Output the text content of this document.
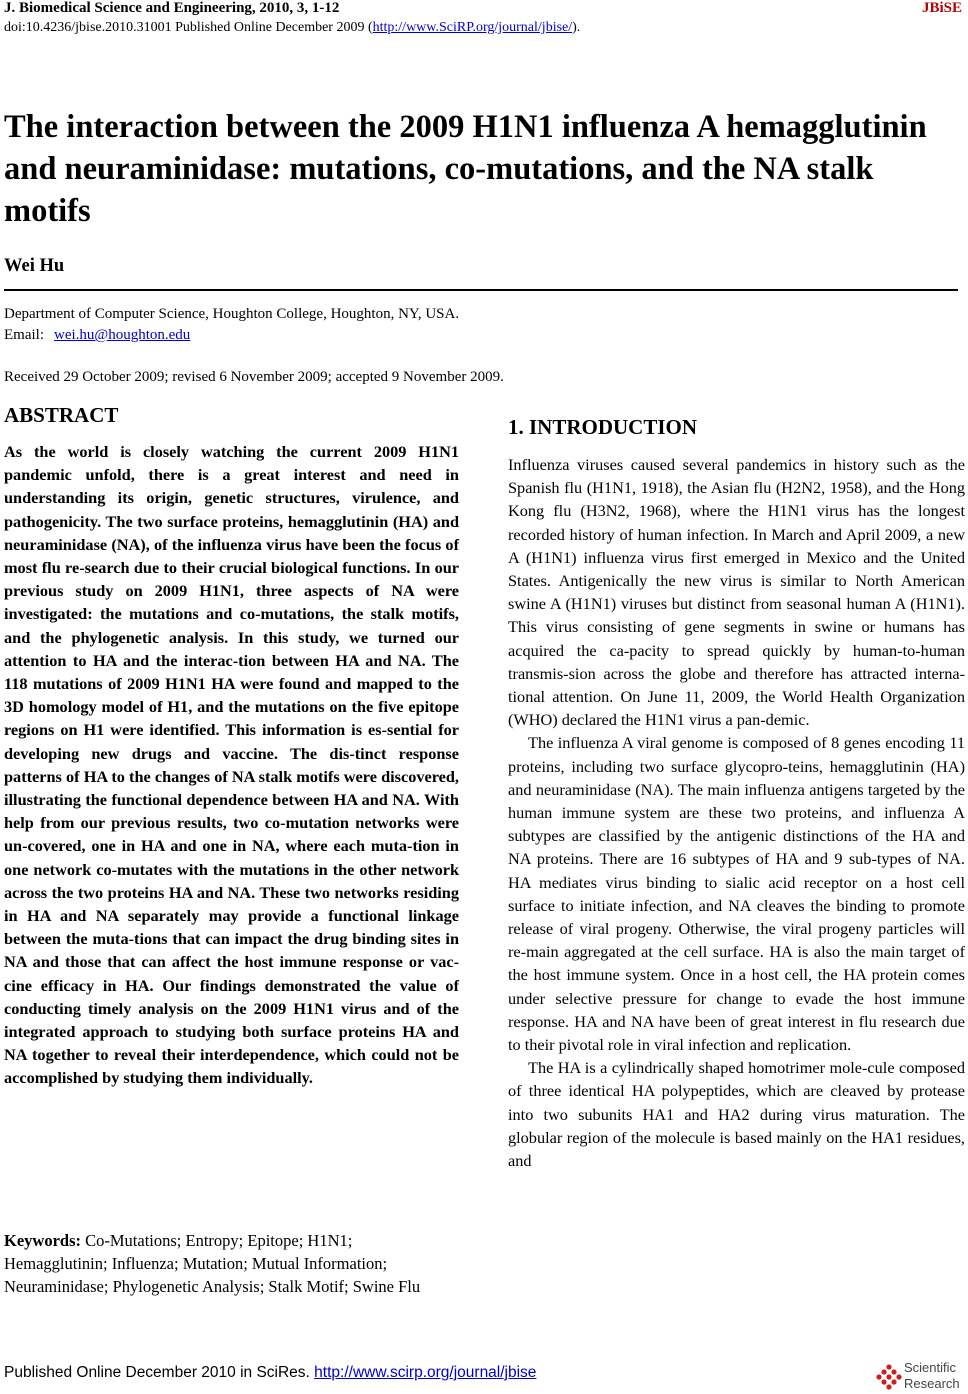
J. Biomedical Science and Engineering, 2010, 3, 1-12	JBiSE
doi:10.4236/jbise.2010.31001 Published Online December 2009 (http://www.SciRP.org/journal/jbise/).
The interaction between the 2009 H1N1 influenza A hemagglutinin and neuraminidase: mutations, co-mutations, and the NA stalk motifs
Wei Hu
Department of Computer Science, Houghton College, Houghton, NY, USA.
Email: wei.hu@houghton.edu
Received 29 October 2009; revised 6 November 2009; accepted 9 November 2009.
ABSTRACT
As the world is closely watching the current 2009 H1N1 pandemic unfold, there is a great interest and need in understanding its origin, genetic structures, virulence, and pathogenicity. The two surface proteins, hemagglutinin (HA) and neuraminidase (NA), of the influenza virus have been the focus of most flu re-search due to their crucial biological functions. In our previous study on 2009 H1N1, three aspects of NA were investigated: the mutations and co-mutations, the stalk motifs, and the phylogenetic analysis. In this study, we turned our attention to HA and the interac-tion between HA and NA. The 118 mutations of 2009 H1N1 HA were found and mapped to the 3D homology model of H1, and the mutations on the five epitope regions on H1 were identified. This information is es-sential for developing new drugs and vaccine. The dis-tinct response patterns of HA to the changes of NA stalk motifs were discovered, illustrating the functional dependence between HA and NA. With help from our previous results, two co-mutation networks were un-covered, one in HA and one in NA, where each muta-tion in one network co-mutates with the mutations in the other network across the two proteins HA and NA. These two networks residing in HA and NA separately may provide a functional linkage between the muta-tions that can impact the drug binding sites in NA and those that can affect the host immune response or vac-cine efficacy in HA. Our findings demonstrated the value of conducting timely analysis on the 2009 H1N1 virus and of the integrated approach to studying both surface proteins HA and NA together to reveal their interdependence, which could not be accomplished by studying them individually.
Keywords: Co-Mutations; Entropy; Epitope; H1N1; Hemagglutinin; Influenza; Mutation; Mutual Information; Neuraminidase; Phylogenetic Analysis; Stalk Motif; Swine Flu
1. INTRODUCTION

Influenza viruses caused several pandemics in history such as the Spanish flu (H1N1, 1918), the Asian flu (H2N2, 1958), and the Hong Kong flu (H3N2, 1968), where the H1N1 virus has the longest recorded history of human infection. In March and April 2009, a new A (H1N1) influenza virus first emerged in Mexico and the United States. Antigenically the new virus is similar to North American swine A (H1N1) viruses but distinct from seasonal human A (H1N1). This virus consisting of gene segments in swine or humans has acquired the ca-pacity to spread quickly by human-to-human transmis-sion across the globe and therefore has attracted interna-tional attention. On June 11, 2009, the World Health Organization (WHO) declared the H1N1 virus a pan-demic.

The influenza A viral genome is composed of 8 genes encoding 11 proteins, including two surface glycopro-teins, hemagglutinin (HA) and neuraminidase (NA). The main influenza antigens targeted by the human immune system are these two proteins, and influenza A subtypes are classified by the antigenic distinctions of the HA and NA proteins. There are 16 subtypes of HA and 9 sub-types of NA. HA mediates virus binding to sialic acid receptor on a host cell surface to initiate infection, and NA cleaves the binding to promote release of viral progeny. Otherwise, the viral progeny particles will re-main aggregated at the cell surface. HA is also the main target of the host immune system. Once in a host cell, the HA protein comes under selective pressure for change to evade the host immune response. HA and NA have been of great interest in flu research due to their pivotal role in viral infection and replication.

The HA is a cylindrically shaped homotrimer mole-cule composed of three identical HA polypeptides, which are cleaved by protease into two subunits HA1 and HA2 during virus maturation. The globular region of the molecule is based mainly on the HA1 residues, and

Published Online December 2010 in SciRes. http://www.scirp.org/journal/jbise	Scientific
Research
